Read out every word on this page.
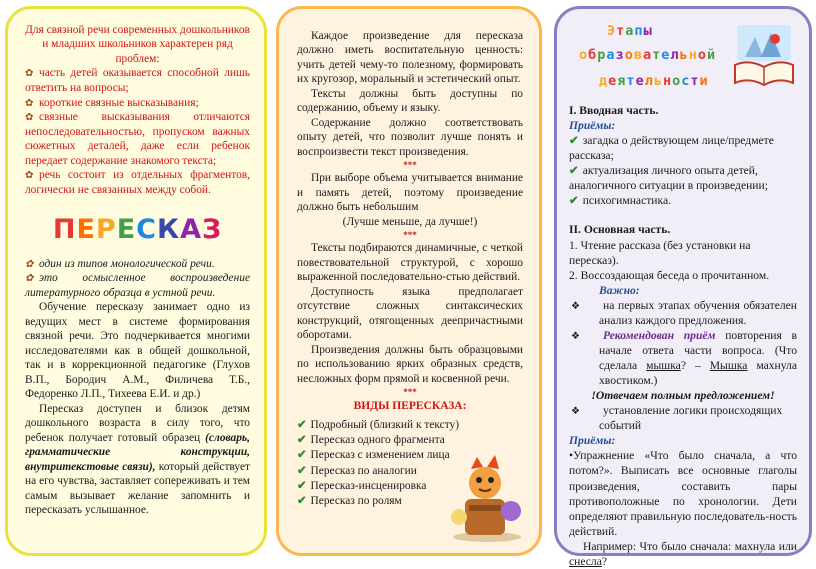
Для связной речи современных дошкольников и младших школьников характерен ряд проблем:

✿ часть детей оказывается способной лишь ответить на вопросы;

✿ короткие связные высказывания;

✿ связные высказывания отличаются непоследовательностью, пропуском важных сюжетных деталей, даже если ребенок передает содержание знакомого текста;

✿ речь состоит из отдельных фрагментов, логически не связанных между собой.

ПЕРЕСКАЗ

✿ один из типов монологической речи.

✿ это осмысленное воспроизведение литературного образца в устной речи.

Обучение пересказу занимает одно из ведущих мест в системе формирования связной речи. Это подчеркивается многими исследователями как в общей дошкольной, так и в коррекционной педагогике (Глухов В.П., Бородич А.М., Филичева Т.Б., Федоренко Л.П., Тихеева Е.И. и др.)

Пересказ доступен и близок детям дошкольного возраста в силу того, что ребенок получает готовый образец (словарь, грамматические конструкции, внутритекстовые связи), который действует на его чувства, заставляет сопереживать и тем самым вызывает желание запомнить и пересказать услышанное.

Каждое произведение для пересказа должно иметь воспитательную ценность: учить детей чему-то полезному, формировать их кругозор, моральный и эстетический опыт.

Тексты должны быть доступны по содержанию, объему и языку.

Содержание должно соответствовать опыту детей, что позволит лучше понять и воспроизвести текст произведения.

***

При выборе объема учитывается внимание и память детей, поэтому произведение должно быть небольшим

(Лучше меньше, да лучше!)

***

Тексты подбираются динамичные, с четкой повествовательной структурой, с хорошо выраженной последовательно-стью действий.

Доступность языка предполагает отсутствие сложных синтаксических конструкций, отягощенных деепричастными оборотами.

Произведения должны быть образцовыми по использованию ярких образных средств, несложных форм прямой и косвенной речи.

***
ВИДЫ ПЕРЕСКАЗА:
✔ Подробный (близкий к тексту)
✔ Пересказ одного фрагмента
✔ Пересказ с изменением лица
✔ Пересказ по аналогии
✔ Пересказ-инсценировка
✔ Пересказ по ролям
Этапы
образовательной
деятельности

I. Вводная часть.

Приёмы:

✔ загадка о действующем лице/предмете рассказа;

✔ актуализация личного опыта детей, аналогичного ситуации в произведении;

✔ психогимнастика.

II. Основная часть.

1. Чтение рассказа (без установки на пересказ).

2. Воссоздающая беседа о прочитанном.

Важно:

❖ на первых этапах обучения обязателен анализ каждого предложения.

❖ Рекомендован приём повторения в начале ответа части вопроса. (Что сделала мышка? – Мышка махнула хвостиком.)

!Отвечаем полным предложением!

❖ установление логики происходящих событий

Приёмы:

•Упражнение «Что было сначала, а что потом?». Выписать все основные глаголы произведения, составить пары противоположные по хронологии. Дети определяют правильную последователь-ность действий.

Например: Что было сначала: махнула или снесла?
